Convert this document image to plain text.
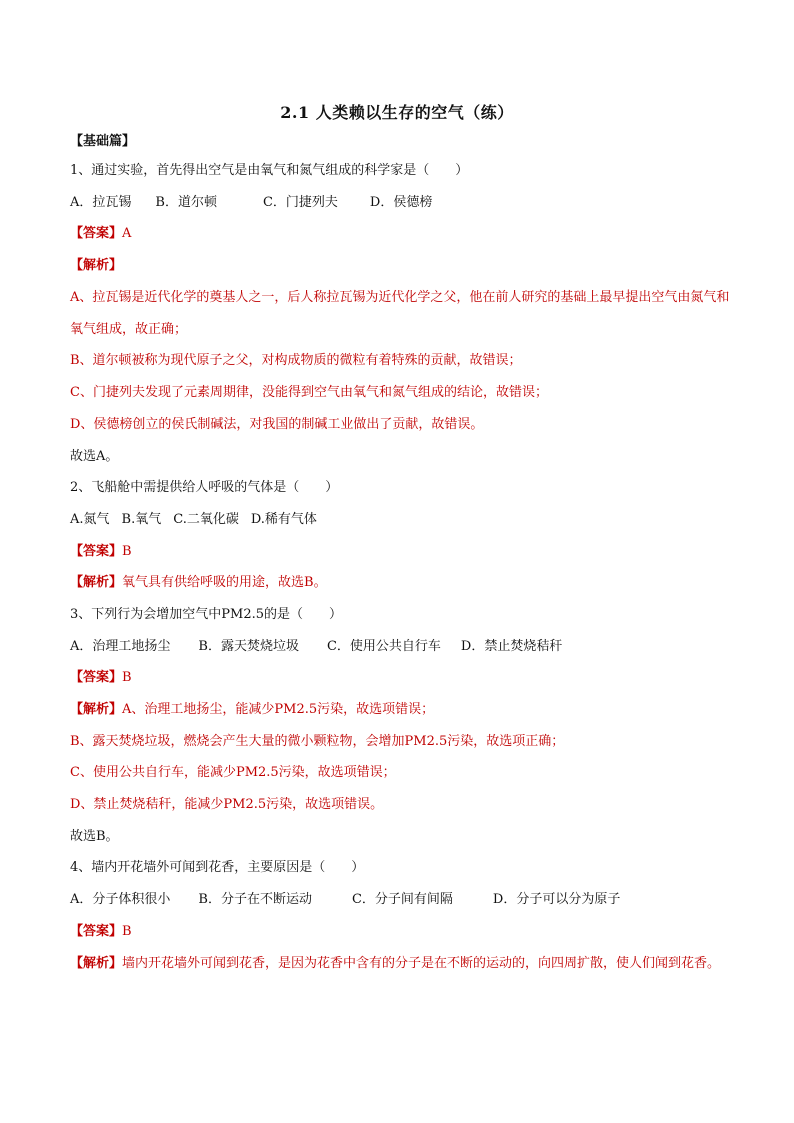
2.1 人类赖以生存的空气（练）
【基础篇】
1、通过实验，首先得出空气是由氧气和氮气组成的科学家是（　　）
A．拉瓦锡 B．道尔顿	C．门捷列夫 D．侯德榜
【答案】A
【解析】
A、拉瓦锡是近代化学的奠基人之一，后人称拉瓦锡为近代化学之父，他在前人研究的基础上最早提出空气由氮气和氧气组成，故正确；
B、道尔顿被称为现代原子之父，对构成物质的微粒有着特殊的贡献，故错误；
C、门捷列夫发现了元素周期律，没能得到空气由氧气和氮气组成的结论，故错误；
D、侯德榜创立的侯氏制碱法，对我国的制碱工业做出了贡献，故错误。
故选A。
2、飞船舱中需提供给人呼吸的气体是（　　）
A.氮气 B.氧气 C.二氧化碳 D.稀有气体
【答案】B
【解析】氧气具有供给呼吸的用途，故选B。
3、下列行为会增加空气中PM2.5的是（　　）
A．治理工地扬尘 B．露天焚烧垃圾 C．使用公共自行车 D．禁止焚烧秸秆
【答案】B
【解析】A、治理工地扬尘，能减少PM2.5污染，故选项错误；
B、露天焚烧垃圾，燃烧会产生大量的微小颗粒物，会增加PM2.5污染，故选项正确；
C、使用公共自行车，能减少PM2.5污染，故选项错误；
D、禁止焚烧秸秆，能减少PM2.5污染，故选项错误。
故选B。
4、墙内开花墙外可闻到花香，主要原因是（　　）
A．分子体积很小 B．分子在不断运动	C．分子间有间隔	D．分子可以分为原子
【答案】B
【解析】墙内开花墙外可闻到花香，是因为花香中含有的分子是在不断的运动的，向四周扩散，使人们闻到花香。
